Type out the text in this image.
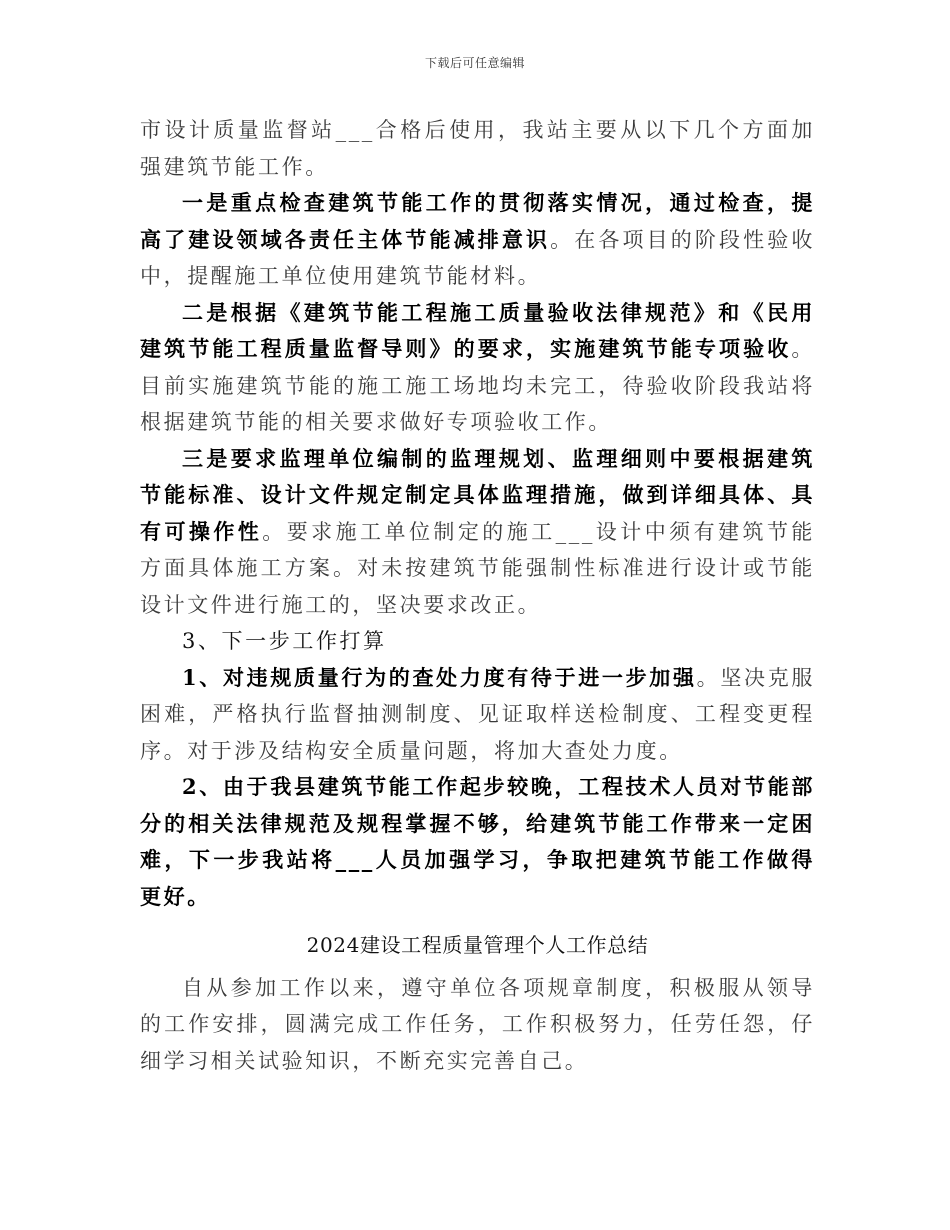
下载后可任意编辑

市设计质量监督站___合格后使用，我站主要从以下几个方面加强建筑节能工作。

一是重点检查建筑节能工作的贯彻落实情况，通过检查，提高了建设领域各责任主体节能减排意识。在各项目的阶段性验收中，提醒施工单位使用建筑节能材料。

二是根据《建筑节能工程施工质量验收法律规范》和《民用建筑节能工程质量监督导则》的要求，实施建筑节能专项验收。目前实施建筑节能的施工施工场地均未完工，待验收阶段我站将根据建筑节能的相关要求做好专项验收工作。

三是要求监理单位编制的监理规划、监理细则中要根据建筑节能标准、设计文件规定制定具体监理措施，做到详细具体、具有可操作性。要求施工单位制定的施工___设计中须有建筑节能方面具体施工方案。对未按建筑节能强制性标准进行设计或节能设计文件进行施工的，坚决要求改正。

3、下一步工作打算

1、对违规质量行为的查处力度有待于进一步加强。坚决克服困难，严格执行监督抽测制度、见证取样送检制度、工程变更程序。对于涉及结构安全质量问题，将加大查处力度。

2、由于我县建筑节能工作起步较晚，工程技术人员对节能部分的相关法律规范及规程掌握不够，给建筑节能工作带来一定困难，下一步我站将___人员加强学习，争取把建筑节能工作做得更好。

2024建设工程质量管理个人工作总结

自从参加工作以来，遵守单位各项规章制度，积极服从领导的工作安排，圆满完成工作任务，工作积极努力，任劳任怨，仔细学习相关试验知识，不断充实完善自己。
